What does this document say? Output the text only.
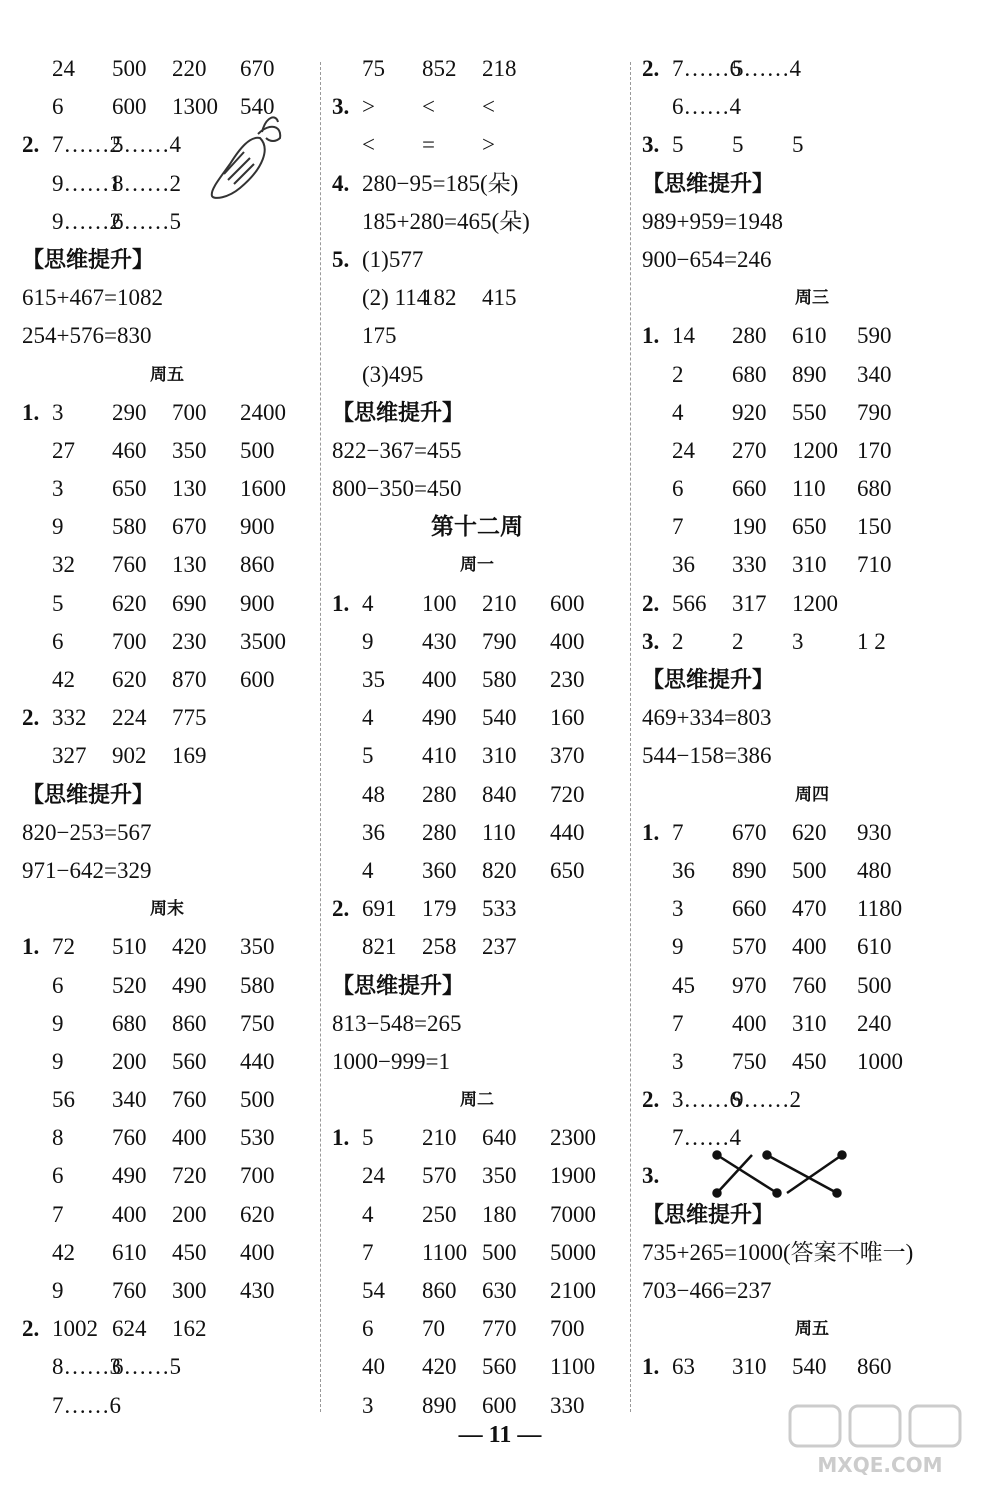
24 500 220 670
6 600 1300 540
2. 7……2
5……4
9……1
8……2
9……2
6……5
【思维提升】
615+467=1082
254+576=830
周五
1. 3 290 700 2400
27 460 350 500
3 650 130 1600
9 580 670 900
32 760 130 860
5 620 690 900
6 700 230 3500
42 620 870 600
2. 332 224 775
327 902 169
【思维提升】
820−253=567
971−642=329
周末
1. 72 510 420 350
6 520 490 580
9 680 860 750
9 200 560 440
56 340 760 500
8 760 400 530
6 490 720 700
7 400 200 620
42 610 450 400
9 760 300 430
2. 1002 624 162
8……3
6……5
7……6
75 852 218
3. > < <
< = >
4. 280−95=185(朵)
185+280=465(朵)
5. (1)577
(2) 114
182 415
175
(3)495
【思维提升】
822−367=455
800−350=450
第十二周
周一
1. 4 100 210 600
9 430 790 400
35 400 580 230
4 490 540 160
5 410 310 370
48 280 840 720
36 280 110 440
4 360 820 650
2. 691 179 533
821 258 237
【思维提升】
813−548=265
1000−999=1
周二
1. 5 210 640 2300
24 570 350 1900
4 250 180 7000
7 1100 500 5000
54 860 630 2100
6 70 770 700
40 420 560 1100
3 890 600 330
2. 7……6
5……4
6……4
3. 5 5 5
【思维提升】
989+959=1948
900−654=246
周三
1. 14 280 610 590
2 680 890 340
4 920 550 790
24 270 1200 170
6 660 110 680
7 190 650 150
36 330 310 710
2. 566 317 1200
3. 2 2 3 1 2
【思维提升】
469+334=803
544−158=386
周四
1. 7 670 620 930
36 890 500 480
3 660 470 1180
9 570 400 610
45 970 760 500
7 400 310 240
3 750 450 1000
2. 3……6
9……2
7……4
3.
【思维提升】
735+265=1000(答案不唯一)
703−466=237
周五
1. 63 310 540 860
— 11 —
MXQE.COM
